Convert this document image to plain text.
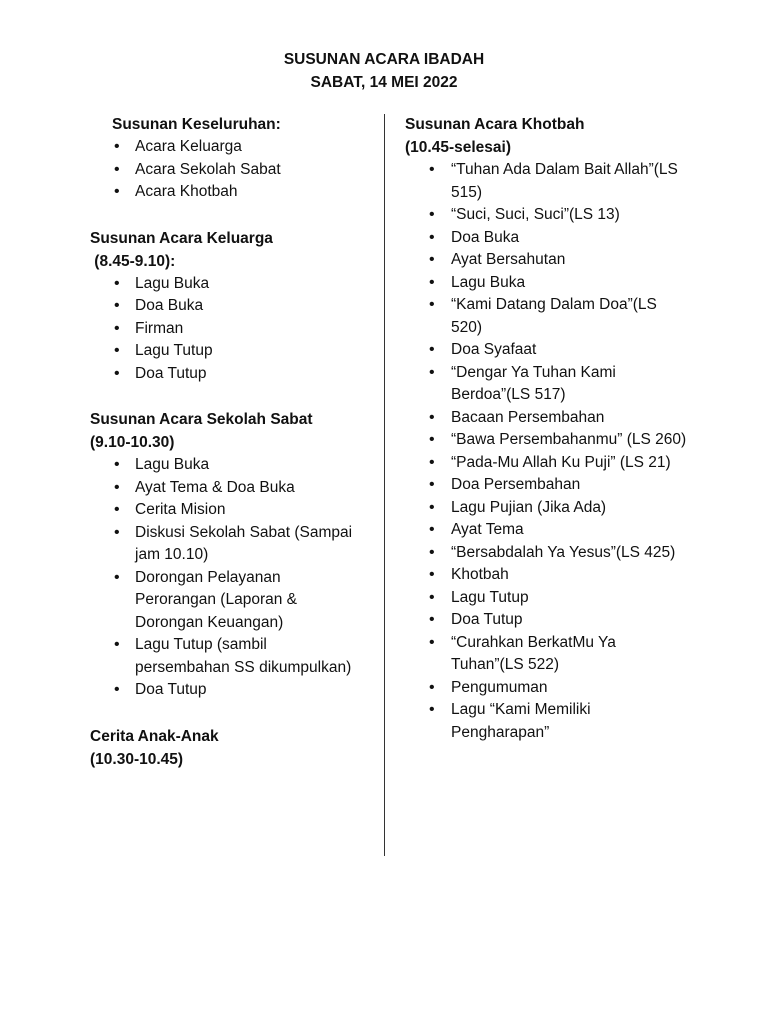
SUSUNAN ACARA IBADAH
SABAT, 14 MEI 2022
Susunan Keseluruhan:
• Acara Keluarga
• Acara Sekolah Sabat
• Acara Khotbah
Susunan Acara Keluarga
(8.45-9.10):
• Lagu Buka
• Doa Buka
• Firman
• Lagu Tutup
• Doa Tutup
Susunan Acara Sekolah Sabat
(9.10-10.30)
• Lagu Buka
• Ayat Tema & Doa Buka
• Cerita Mision
• Diskusi Sekolah Sabat (Sampai jam 10.10)
• Dorongan Pelayanan Perorangan (Laporan & Dorongan Keuangan)
• Lagu Tutup (sambil persembahan SS dikumpulkan)
• Doa Tutup
Cerita Anak-Anak
(10.30-10.45)
Susunan Acara Khotbah
(10.45-selesai)
• “Tuhan Ada Dalam Bait Allah”(LS 515)
• “Suci, Suci, Suci”(LS 13)
• Doa Buka
• Ayat Bersahutan
• Lagu Buka
• “Kami Datang Dalam Doa”(LS 520)
• Doa Syafaat
• “Dengar Ya Tuhan Kami Berdoa”(LS 517)
• Bacaan Persembahan
• “Bawa Persembahanmu” (LS 260)
• “Pada-Mu Allah Ku Puji” (LS 21)
• Doa Persembahan
• Lagu Pujian (Jika Ada)
• Ayat Tema
• “Bersabdalah Ya Yesus”(LS 425)
• Khotbah
• Lagu Tutup
• Doa Tutup
• “Curahkan BerkatMu Ya Tuhan”(LS 522)
• Pengumuman
• Lagu “Kami Memiliki Pengharapan”
